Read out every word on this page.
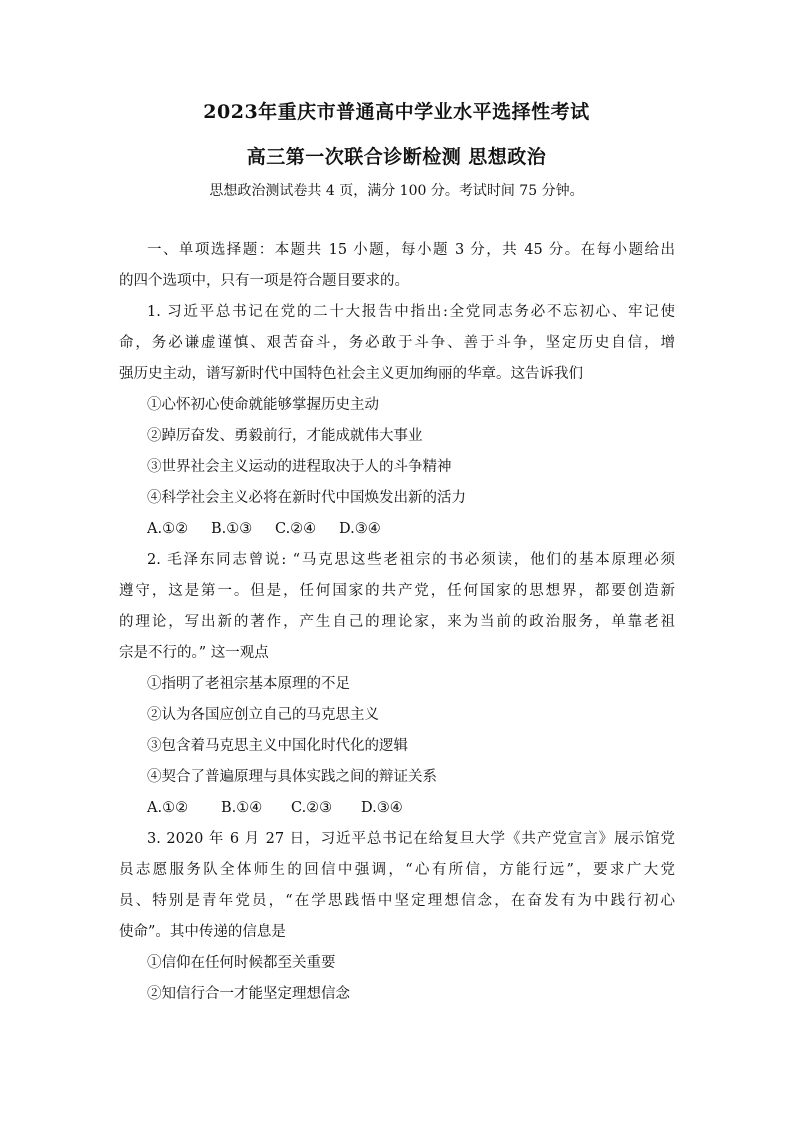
2023年重庆市普通高中学业水平选择性考试
高三第一次联合诊断检测 思想政治
思想政治测试卷共 4 页，满分 100 分。考试时间 75 分钟。
一、单项选择题：本题共 15 小题，每小题 3 分，共 45 分。在每小题给出
的四个选项中，只有一项是符合题目要求的。
1. 习近平总书记在党的二十大报告中指出:全党同志务必不忘初心、牢记使
命，务必谦虚谨慎、艰苦奋斗，务必敢于斗争、善于斗争，坚定历史自信，增
强历史主动，谱写新时代中国特色社会主义更加绚丽的华章。这告诉我们
①心怀初心使命就能够掌握历史主动
②踔厉奋发、勇毅前行，才能成就伟大事业
③世界社会主义运动的进程取决于人的斗争精神
④科学社会主义必将在新时代中国焕发出新的活力
A.①② B.①③ C.②④ D.③④
2. 毛泽东同志曾说: “马克思这些老祖宗的书必须读，他们的基本原理必须
遵守，这是第一。但是，任何国家的共产党，任何国家的思想界，都要创造新
的理论，写出新的著作，产生自己的理论家，来为当前的政治服务，单靠老祖
宗是不行的。” 这一观点
①指明了老祖宗基本原理的不足
②认为各国应创立自己的马克思主义
③包含着马克思主义中国化时代化的逻辑
④契合了普遍原理与具体实践之间的辩证关系
A.①② B.①④ C.②③ D.③④
3. 2020 年 6 月 27 日，习近平总书记在给复旦大学《共产党宣言》展示馆党
员志愿服务队全体师生的回信中强调，“心有所信，方能行远”，要求广大党
员、特别是青年党员，“在学思践悟中坚定理想信念，在奋发有为中践行初心
使命”。其中传递的信息是
①信仰在任何时候都至关重要
②知信行合一才能坚定理想信念
